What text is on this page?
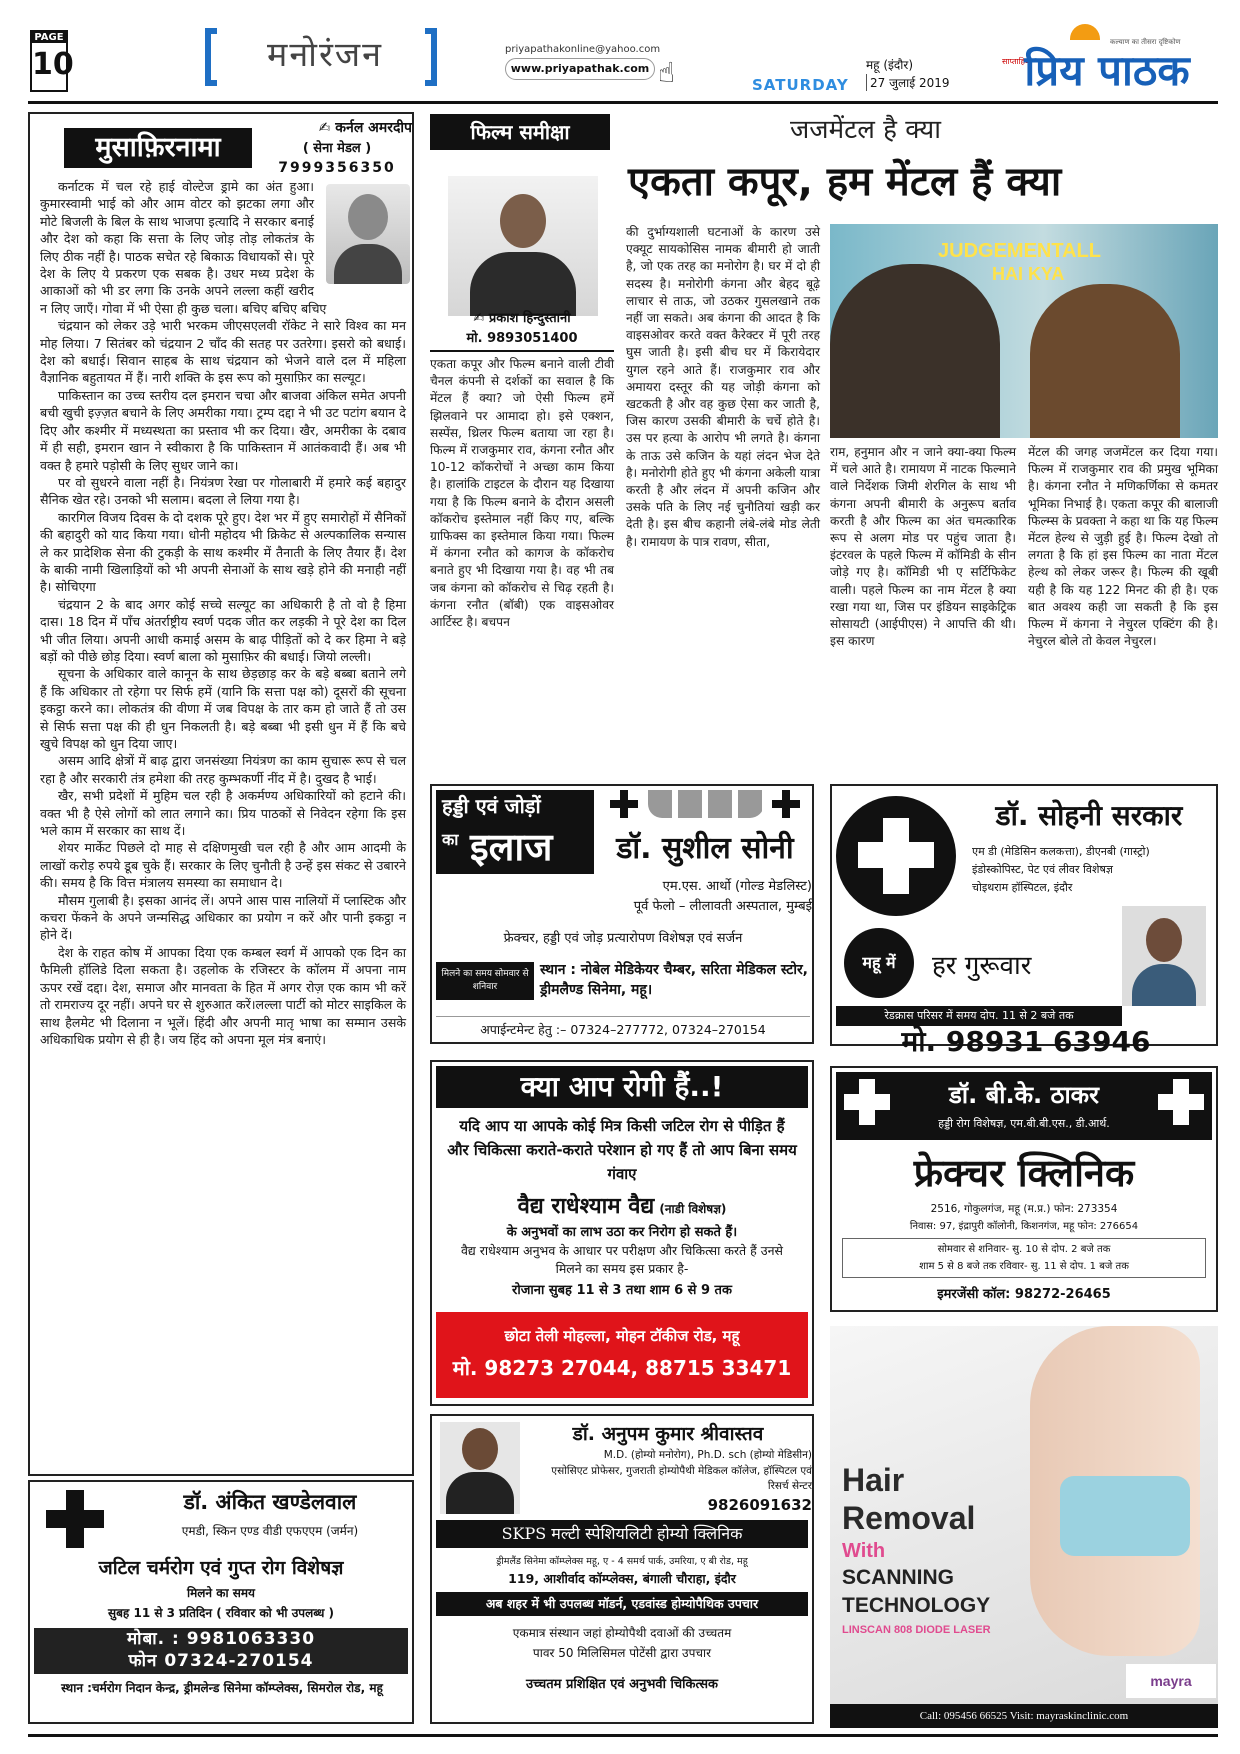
PAGE
10	मनोरंजन	priyapathakonline@yahoo.com
www.priyapathak.com ☝	SATURDAY
महू (इंदौर)
27 जुलाई 2019
साप्ताहिक
कल्याण का तीसरा दृष्टिकोण
प्रिय पाठक
मुसाफ़िरनामा
✍ कर्नल अमरदीप
( सेना मेडल )
7999356350

कर्नाटक में चल रहे हाई वोल्टेज ड्रामे का अंत हुआ। कुमारस्वामी भाई को और आम वोटर को झटका लगा और मोटे बिजली के बिल के साथ भाजपा इत्यादि ने सरकार बनाई और देश को कहा कि सत्ता के लिए जोड़ तोड़ लोकतंत्र के लिए ठीक नहीं है। पाठक सचेत रहे बिकाऊ विधायकों से। पूरे देश के लिए ये प्रकरण एक सबक है। उधर मध्य प्रदेश के आकाओं को भी डर लगा कि उनके अपने लल्ला कहीं खरीद न लिए जाएँ। गोवा में भी ऐसा ही कुछ चला। बचिए बचिए बचिए

चंद्रयान को लेकर उड़े भारी भरकम जीएसएलवी रॉकेट ने सारे विश्व का मन मोह लिया। 7 सितंबर को चंद्रयान 2 चाँद की सतह पर उतरेगा। इसरो को बधाई। देश को बधाई। सिवान साहब के साथ चंद्रयान को भेजने वाले दल में महिला वैज्ञानिक बहुतायत में हैं। नारी शक्ति के इस रूप को मुसाफ़िर का सल्यूट।

पाकिस्तान का उच्च स्तरीय दल इमरान चचा और बाजवा अंकिल समेत अपनी बची खुची इज़्ज़त बचाने के लिए अमरीका गया। ट्रम्प दद्दा ने भी उट पटांग बयान दे दिए और कश्मीर में मध्यस्थता का प्रस्ताव भी कर दिया। खैर, अमरीका के दबाव में ही सही, इमरान खान ने स्वीकारा है कि पाकिस्तान में आतंकवादी हैं। अब भी वक्त है हमारे पड़ोसी के लिए सुधर जाने का।

पर वो सुधरने वाला नहीं है। नियंत्रण रेखा पर गोलाबारी में हमारे कई बहादुर सैनिक खेत रहे। उनको भी सलाम। बदला ले लिया गया है।

कारगिल विजय दिवस के दो दशक पूरे हुए। देश भर में हुए समारोहों में सैनिकों की बहादुरी को याद किया गया। धोनी महोदय भी क्रिकेट से अल्पकालिक सन्यास ले कर प्रादेशिक सेना की टुकड़ी के साथ कश्मीर में तैनाती के लिए तैयार हैं। देश के बाकी नामी खिलाड़ियों को भी अपनी सेनाओं के साथ खड़े होने की मनाही नहीं है। सोचिएगा

चंद्रयान 2 के बाद अगर कोई सच्चे सल्यूट का अधिकारी है तो वो है हिमा दास। 18 दिन में पाँच अंतर्राष्ट्रीय स्वर्ण पदक जीत कर लड़की ने पूरे देश का दिल भी जीत लिया। अपनी आधी कमाई असम के बाढ़ पीड़ितों को दे कर हिमा ने बड़े बड़ों को पीछे छोड़ दिया। स्वर्ण बाला को मुसाफ़िर की बधाई। जियो लल्ली।

सूचना के अधिकार वाले कानून के साथ छेड़छाड़ कर के बड़े बब्बा बताने लगे हैं कि अधिकार तो रहेगा पर सिर्फ हमें (यानि कि सत्ता पक्ष को) दूसरों की सूचना इकट्ठा करने का। लोकतंत्र की वीणा में जब विपक्ष के तार कम हो जाते हैं तो उस से सिर्फ सत्ता पक्ष की ही धुन निकलती है। बड़े बब्बा भी इसी धुन में हैं कि बचे खुचे विपक्ष को धुन दिया जाए।

असम आदि क्षेत्रों में बाढ़ द्वारा जनसंख्या नियंत्रण का काम सुचारू रूप से चल रहा है और सरकारी तंत्र हमेशा की तरह कुम्भकर्णी नींद में है। दुखद है भाई।

खैर, सभी प्रदेशों में मुहिम चल रही है अकर्मण्य अधिकारियों को हटाने की। वक्त भी है ऐसे लोगों को लात लगाने का। प्रिय पाठकों से निवेदन रहेगा कि इस भले काम में सरकार का साथ दें।

शेयर मार्केट पिछले दो माह से दक्षिणमुखी चल रही है और आम आदमी के लाखों करोड़ रुपये डूब चुके हैं। सरकार के लिए चुनौती है उन्हें इस संकट से उबारने की। समय है कि वित्त मंत्रालय समस्या का समाधान दे।

मौसम गुलाबी है। इसका आनंद लें। अपने आस पास नालियों में प्लास्टिक और कचरा फेंकने के अपने जन्मसिद्ध अधिकार का प्रयोग न करें और पानी इकट्ठा न होने दें।

देश के राहत कोष में आपका दिया एक कम्बल स्वर्ग में आपको एक दिन का फैमिली हॉलिडे दिला सकता है। उहलोक के रजिस्टर के कॉलम में अपना नाम ऊपर रखें दद्दा। देश, समाज और मानवता के हित में अगर रोज़ एक काम भी करें तो रामराज्य दूर नहीं। अपने घर से शुरुआत करें।लल्ला पार्टी को मोटर साइकिल के साथ हैलमेट भी दिलाना न भूलें। हिंदी और अपनी मातृ भाषा का सम्मान उसके अधिकाधिक प्रयोग से ही है। जय हिंद को अपना मूल मंत्र बनाएं।

फिल्म समीक्षा	जजमेंटल है क्या
एकता कपूर, हम मेंटल हैं क्या
✍ प्रकाश हिन्दुस्तानी
मो. 9893051400
एकता कपूर और फिल्म बनाने वाली टीवी चैनल कंपनी से दर्शकों का सवाल है कि मेंटल हैं क्या? जो ऐसी फिल्म हमें झिलवाने पर आमादा हो। इसे एक्शन, सस्पेंस, थ्रिलर फिल्म बताया जा रहा है। फिल्म में राजकुमार राव, कंगना रनौत और 10-12 कॉकरोचों ने अच्छा काम किया है। हालांकि टाइटल के दौरान यह दिखाया गया है कि फिल्म बनाने के दौरान असली कॉकरोच इस्तेमाल नहीं किए गए, बल्कि ग्राफिक्स का इस्तेमाल किया गया। फिल्म में कंगना रनौत को कागज के कॉकरोच बनाते हुए भी दिखाया गया है। वह भी तब जब कंगना को कॉकरोच से चिढ़ रहती है। कंगना रनौत (बॉबी) एक वाइसओवर आर्टिस्ट है। बचपन
की दुर्भाग्यशाली घटनाओं के कारण उसे एक्यूट सायकोसिस नामक बीमारी हो जाती है, जो एक तरह का मनोरोग है। घर में दो ही सदस्य है। मनोरोगी कंगना और बेहद बूढ़े लाचार से ताऊ, जो उठकर गुसलखाने तक नहीं जा सकते। अब कंगना की आदत है कि वाइसओवर करते वक्त कैरेक्टर में पूरी तरह घुस जाती है। इसी बीच घर में किरायेदार युगल रहने आते हैं। राजकुमार राव और अमायरा दस्तूर की यह जोड़ी कंगना को खटकती है और वह कुछ ऐसा कर जाती है, जिस कारण उसकी बीमारी के चर्चे होते है। उस पर हत्या के आरोप भी लगते है। कंगना के ताऊ उसे कजिन के यहां लंदन भेज देते है। मनोरोगी होते हुए भी कंगना अकेली यात्रा करती है और लंदन में अपनी कजिन और उसके पति के लिए नई चुनौतियां खड़ी कर देती है। इस बीच कहानी लंबे-लंबे मोड लेती है। रामायण के पात्र रावण, सीता,
JUDGEMENTALL
HAI KYA
राम, हनुमान और न जाने क्या-क्या फिल्म में चले आते है। रामायण में नाटक फिल्माने वाले निर्देशक जिमी शेरगिल के साथ भी कंगना अपनी बीमारी के अनुरूप बर्ताव करती है और फिल्म का अंत चमत्कारिक रूप से अलग मोड पर पहुंच जाता है। इंटरवल के पहले फिल्म में कॉमिडी के सीन जोड़े गए है। कॉमिडी भी ए सर्टिफिकेट वाली। पहले फिल्म का नाम मेंटल है क्या रखा गया था, जिस पर इंडियन साइकेट्रिक सोसायटी (आईपीएस) ने आपत्ति की थी। इस कारण
मेंटल की जगह जजमेंटल कर दिया गया। फिल्म में राजकुमार राव की प्रमुख भूमिका है। कंगना रनौत ने मणिकर्णिका से कमतर भूमिका निभाई है। एकता कपूर की बालाजी फिल्म्स के प्रवक्ता ने कहा था कि यह फिल्म मेंटल हेल्थ से जुड़ी हुई है। फिल्म देखो तो लगता है कि हां इस फिल्म का नाता मेंटल हेल्थ को लेकर जरूर है। फिल्म की खूबी यही है कि यह 122 मिनट की ही है। एक बात अवश्य कही जा सकती है कि इस फिल्म में कंगना ने नेचुरल एक्टिंग की है। नेचुरल बोले तो केवल नेचुरल।
हड्डी एवं जोड़ों
का इलाज	डॉ. सुशील सोनी
एम.एस. आर्थो (गोल्ड मेडलिस्ट)
पूर्व फेलो – लीलावती अस्पताल, मुम्बई
फ्रेक्चर, हड्डी एवं जोड़ प्रत्यारोपण विशेषज्ञ एवं सर्जन
मिलने का समय सोमवार से शनिवार
स्थान : नोबेल मेडिकेयर चैम्बर, सरिता मेडिकल स्टोर, ड्रीमलैण्ड सिनेमा, महू।
अपाईन्टमेन्ट हेतु :– 07324–277772, 07324–270154
डॉ. सोहनी सरकार
एम डी (मेडिसिन कलकत्ता), डीएनबी (गास्ट्रो)
इंडोस्कोपिस्ट, पेट एवं लीवर विशेषज्ञ
चोइथराम हॉस्पिटल, इंदौर
महू में	हर गुरूवार
रेडक्रास परिसर में समय दोप. 11 से 2 बजे तक
मो. 98931 63946
क्या आप रोगी हैं..!
यदि आप या आपके कोई मित्र किसी जटिल रोग से पीड़ित हैं और चिकित्सा कराते-कराते परेशान हो गए हैं तो आप बिना समय गंवाए
वैद्य राधेश्याम वैद्य (नाडी विशेषज्ञ)
के अनुभवों का लाभ उठा कर निरोग हो सकते हैं।
वैद्य राधेश्याम अनुभव के आधार पर परीक्षण और चिकित्सा करते हैं उनसे मिलने का समय इस प्रकार है-
रोजाना सुबह 11 से 3 तथा शाम 6 से 9 तक
छोटा तेली मोहल्ला, मोहन टॉकीज रोड, महू
मो. 98273 27044, 88715 33471
डॉ. बी.के. ठाकर
हड्डी रोग विशेषज्ञ, एम.बी.बी.एस., डी.आर्थ.
फ्रेक्चर क्लिनिक
2516, गोकुलगंज, महू (म.प्र.) फोन: 273354
निवास: 97, इंद्रापुरी कॉलोनी, किशनगंज, महू फोन: 276654
सोमवार से शनिवार- सु. 10 से दोप. 2 बजे तक
शाम 5 से 8 बजे तक रविवार- सु. 11 से दोप. 1 बजे तक
इमरजेंसी कॉल: 98272-26465
Hair
Removal
With
SCANNING
TECHNOLOGY
LINSCAN 808 DIODE LASER
mayra
Call: 095456 66525 Visit: mayraskinclinic.com
डॉ. अंकित खण्डेलवाल
एमडी, स्किन एण्ड वीडी एफएएम (जर्मन)
जटिल चर्मरोग एवं गुप्त रोग विशेषज्ञ
मिलने का समय
सुबह 11 से 3 प्रतिदिन ( रविवार को भी उपलब्ध )
मोबा. : 9981063330
फोन 07324-270154
स्थान :चर्मरोग निदान केन्द्र, ड्रीमलेन्ड सिनेमा कॉम्प्लेक्स, सिमरोल रोड, महू
डॉ. अनुपम कुमार श्रीवास्तव
M.D. (होम्यो मनोरोग), Ph.D. sch (होम्यो मेडिसीन)
एसोसिएट प्रोफेसर, गुजराती होम्योपैथी मेडिकल कॉलेज, हॉस्पिटल एवं रिसर्च सेन्टर
9826091632
SKPS मल्टी स्पेशियलिटी होम्यो क्लिनिक
ड्रीमलैंड सिनेमा कॉम्प्लेक्स महू, ए - 4 समर्थ पार्क, उमरिया, ए बी रोड, महू
119, आशीर्वाद कॉम्प्लेक्स, बंगाली चौराहा, इंदौर
अब शहर में भी उपलब्ध मॉडर्न, एडवांस्ड होम्योपैथिक उपचार
एकमात्र संस्थान जहां होम्योपैथी दवाओं की उच्चतम
पावर 50 मिलिसिमल पोटेंसी द्वारा उपचार
उच्चतम प्रशिक्षित एवं अनुभवी चिकित्सक
